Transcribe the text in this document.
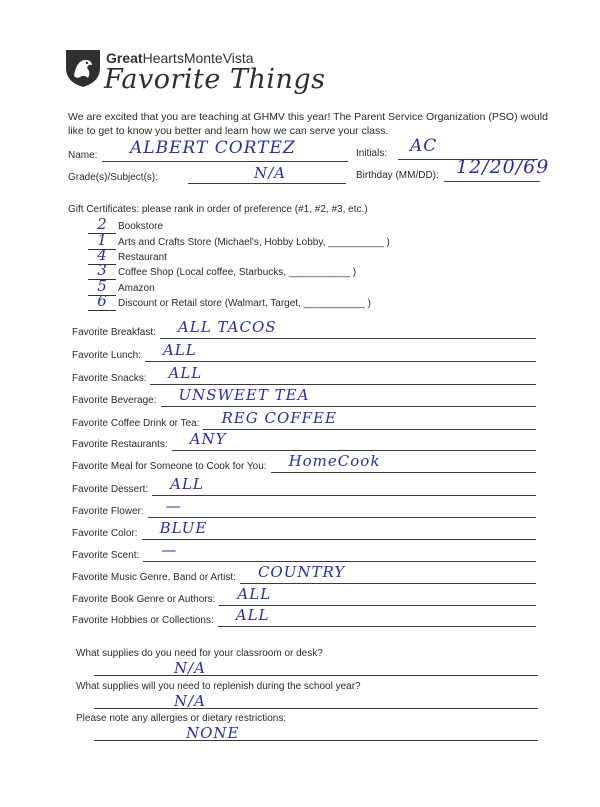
GreatHeartsMonteVista
Favorite Things
We are excited that you are teaching at GHMV this year! The Parent Service Organization (PSO) would like to get to know you better and learn how we can serve your class.
Name: ALBERT CORTEZ	Initials: AC
Grade(s)/Subject(s):	N/A	Birthday (MM/DD): 12/20/69
Gift Certificates: please rank in order of preference (#1, #2, #3, etc.)
2	Bookstore
1	Arts and Crafts Store (Michael's, Hobby Lobby, __________ )
4	Restaurant
3	Coffee Shop (Local coffee, Starbucks, ___________ )
5	Amazon
6	Discount or Retail store (Walmart, Target, ___________ )
Favorite Breakfast: ALL TACOS
Favorite Lunch: ALL
Favorite Snacks: ALL
Favorite Beverage: UNSWEET TEA
Favorite Coffee Drink or Tea: REG COFFEE
Favorite Restaurants: ANY
Favorite Meal for Someone to Cook for You: HomeCook
Favorite Dessert: ALL
Favorite Flower: —
Favorite Color: BLUE
Favorite Scent: —
Favorite Music Genre, Band or Artist: COUNTRY
Favorite Book Genre or Authors: ALL
Favorite Hobbies or Collections: ALL
What supplies do you need for your classroom or desk?
N/A
What supplies will you need to replenish during the school year?
N/A
Please note any allergies or dietary restrictions:
NONE
